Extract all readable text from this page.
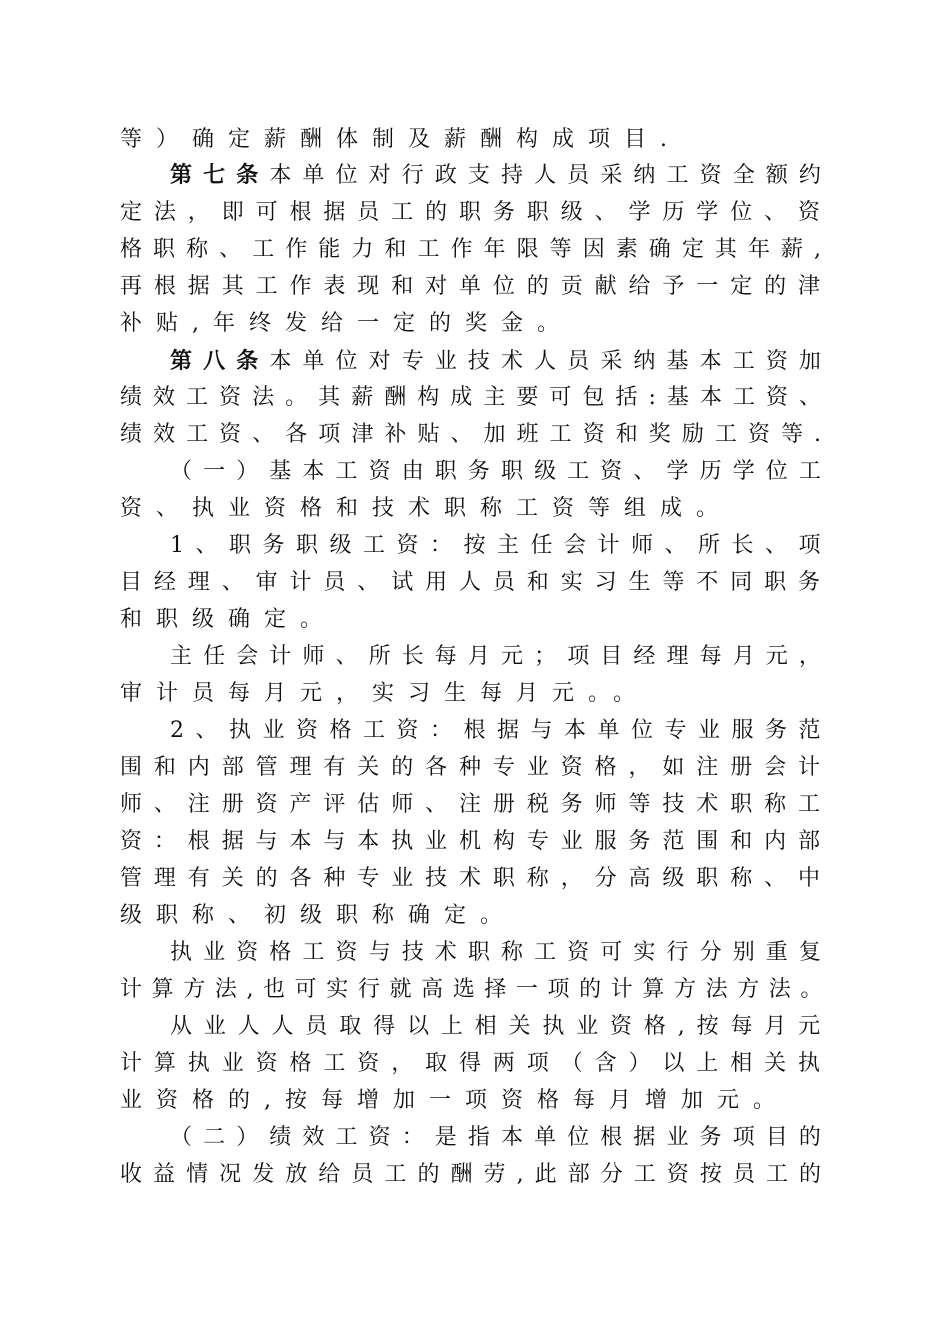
等）确定薪酬体制及薪酬构成项目.
第七条本单位对行政支持人员采纳工资全额约
定法，即可根据员工的职务职级、学历学位、资
格职称、工作能力和工作年限等因素确定其年薪,
再根据其工作表现和对单位的贡献给予一定的津
补贴,年终发给一定的奖金。
第八条本单位对专业技术人员采纳基本工资加
绩效工资法。其薪酬构成主要可包括:基本工资、
绩效工资、各项津补贴、加班工资和奖励工资等.
（一）基本工资由职务职级工资、学历学位工
资、执业资格和技术职称工资等组成。
1、职务职级工资：按主任会计师、所长、项
目经理、审计员、试用人员和实习生等不同职务
和职级确定。
主任会计师、所长每月元；项目经理每月元，
审计员每月元，实习生每月元。。
2、执业资格工资：根据与本单位专业服务范
围和内部管理有关的各种专业资格，如注册会计
师、注册资产评估师、注册税务师等技术职称工
资：根据与本与本执业机构专业服务范围和内部
管理有关的各种专业技术职称，分高级职称、中
级职称、初级职称确定。
执业资格工资与技术职称工资可实行分别重复
计算方法,也可实行就高选择一项的计算方法方法。
从业人人员取得以上相关执业资格,按每月元
计算执业资格工资，取得两项（含）以上相关执
业资格的,按每增加一项资格每月增加元。
（二）绩效工资：是指本单位根据业务项目的
收益情况发放给员工的酬劳,此部分工资按员工的
